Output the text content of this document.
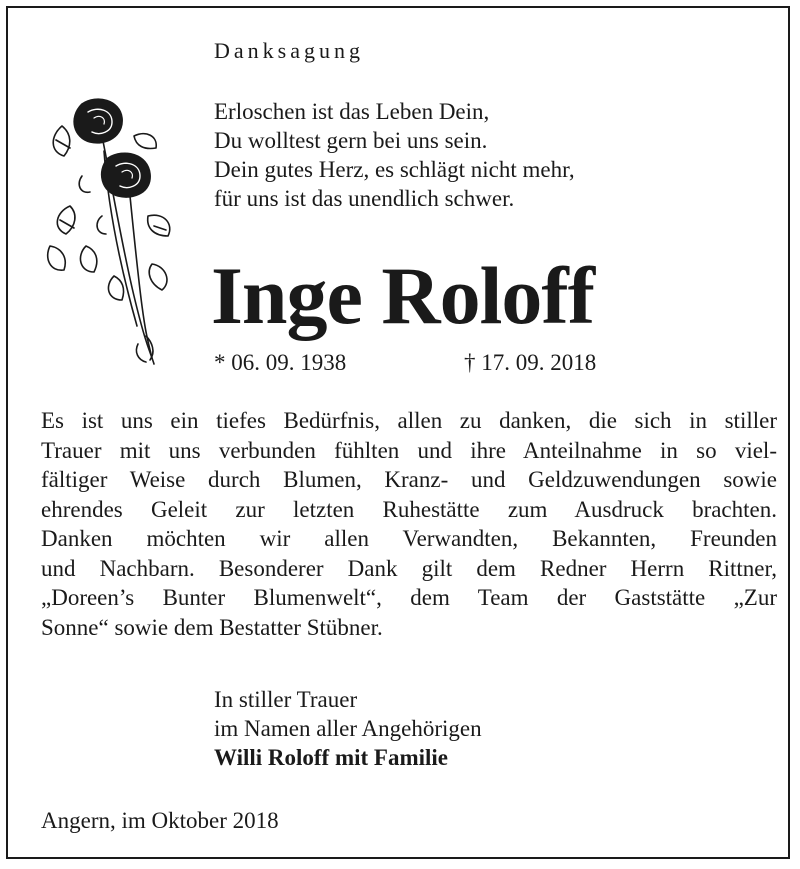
Danksagung
Erloschen ist das Leben Dein,
Du wolltest gern bei uns sein.
Dein gutes Herz, es schlägt nicht mehr,
für uns ist das unendlich schwer.
Inge Roloff
* 06. 09. 1938	† 17. 09. 2018
Es ist uns ein tiefes Bedürfnis, allen zu danken, die sich in stiller
Trauer mit uns verbunden fühlten und ihre Anteilnahme in so viel-
fältiger Weise durch Blumen, Kranz- und Geldzuwendungen sowie
ehrendes Geleit zur letzten Ruhestätte zum Ausdruck brachten.
Danken möchten wir allen Verwandten, Bekannten, Freunden
und Nachbarn. Besonderer Dank gilt dem Redner Herrn Rittner,
„Doreen’s Bunter Blumenwelt“, dem Team der Gaststätte „Zur
Sonne“ sowie dem Bestatter Stübner.
In stiller Trauer
im Namen aller Angehörigen
Willi Roloff mit Familie
Angern, im Oktober 2018
